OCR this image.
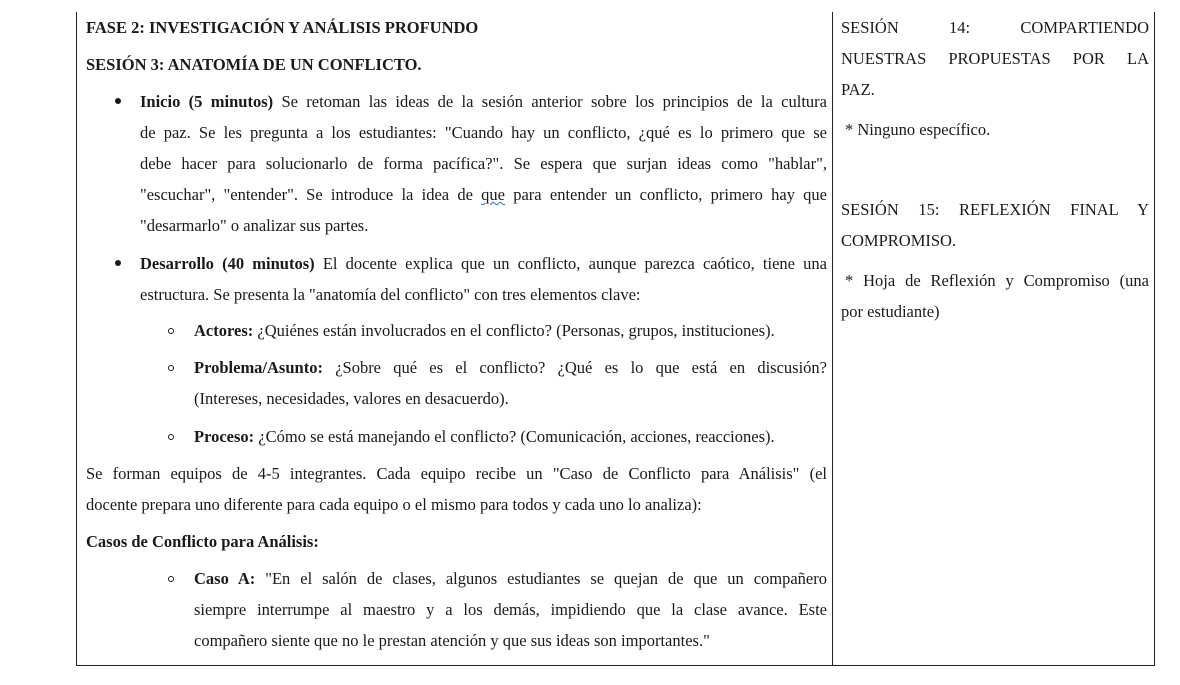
FASE 2: INVESTIGACIÓN Y ANÁLISIS PROFUNDO
SESIÓN 3: ANATOMÍA DE UN CONFLICTO.
Inicio (5 minutos) Se retoman las ideas de la sesión anterior sobre los principios de la cultura
de paz. Se les pregunta a los estudiantes: "Cuando hay un conflicto, ¿qué es lo primero que se
debe hacer para solucionarlo de forma pacífica?". Se espera que surjan ideas como "hablar",
"escuchar", "entender". Se introduce la idea de que para entender un conflicto, primero hay que
"desarmarlo" o analizar sus partes.
Desarrollo (40 minutos) El docente explica que un conflicto, aunque parezca caótico, tiene una
estructura. Se presenta la "anatomía del conflicto" con tres elementos clave:
Actores: ¿Quiénes están involucrados en el conflicto? (Personas, grupos, instituciones).
Problema/Asunto: ¿Sobre qué es el conflicto? ¿Qué es lo que está en discusión?
(Intereses, necesidades, valores en desacuerdo).
Proceso: ¿Cómo se está manejando el conflicto? (Comunicación, acciones, reacciones).
Se forman equipos de 4-5 integrantes. Cada equipo recibe un "Caso de Conflicto para Análisis" (el
docente prepara uno diferente para cada equipo o el mismo para todos y cada uno lo analiza):
Casos de Conflicto para Análisis:
Caso A: "En el salón de clases, algunos estudiantes se quejan de que un compañero
siempre interrumpe al maestro y a los demás, impidiendo que la clase avance. Este
compañero siente que no le prestan atención y que sus ideas son importantes."
SESIÓN 14: COMPARTIENDO
NUESTRAS PROPUESTAS POR LA
PAZ.
* Ninguno específico.
SESIÓN 15: REFLEXIÓN FINAL Y
COMPROMISO.
* Hoja de Reflexión y Compromiso (una
por estudiante)
